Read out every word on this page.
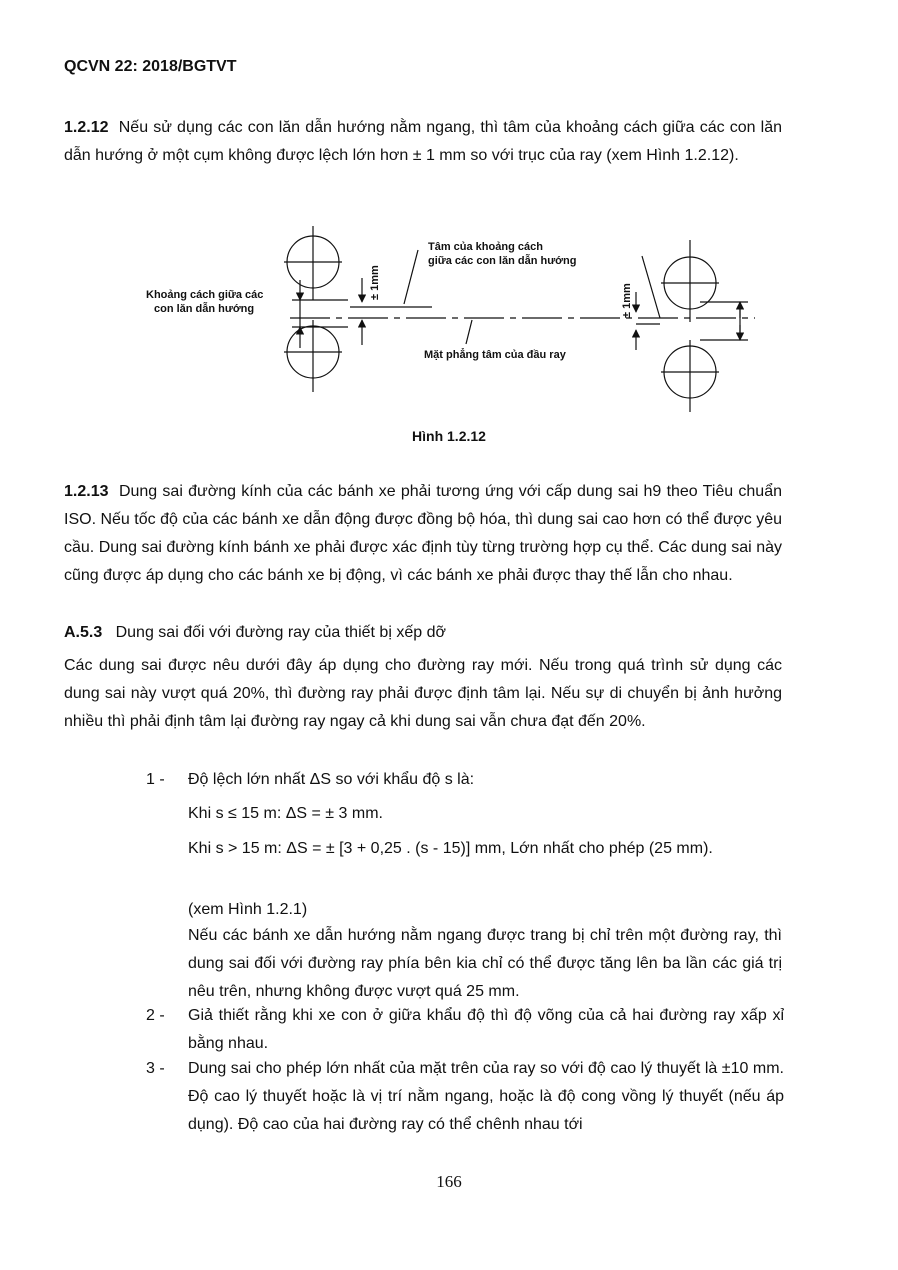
QCVN 22: 2018/BGTVT

1.2.12 Nếu sử dụng các con lăn dẫn hướng nằm ngang, thì tâm của khoảng cách giữa các con lăn dẫn hướng ở một cụm không được lệch lớn hơn ± 1 mm so với trục của ray (xem Hình 1.2.12).

Khoảng cách giữa các
con lăn dẫn hướng
Tâm của khoảng cách
giữa các con lăn dẫn hướng
Mặt phẳng tâm của đầu ray
± 1mm
± 1mm
Hình 1.2.12

1.2.13 Dung sai đường kính của các bánh xe phải tương ứng với cấp dung sai h9 theo Tiêu chuẩn ISO. Nếu tốc độ của các bánh xe dẫn động được đồng bộ hóa, thì dung sai cao hơn có thể được yêu cầu. Dung sai đường kính bánh xe phải được xác định tùy từng trường hợp cụ thể. Các dung sai này cũng được áp dụng cho các bánh xe bị động, vì các bánh xe phải được thay thế lẫn cho nhau.

A.5.3 Dung sai đối với đường ray của thiết bị xếp dỡ

Các dung sai được nêu dưới đây áp dụng cho đường ray mới. Nếu trong quá trình sử dụng các dung sai này vượt quá 20%, thì đường ray phải được định tâm lại. Nếu sự di chuyển bị ảnh hưởng nhiều thì phải định tâm lại đường ray ngay cả khi dung sai vẫn chưa đạt đến 20%.

1 - Độ lệch lớn nhất ΔS so với khẩu độ s là:
Khi s ≤ 15 m: ΔS = ± 3 mm.
Khi s > 15 m: ΔS = ± [3 + 0,25 . (s - 15)] mm, Lớn nhất cho phép (25 mm).
(xem Hình 1.2.1)
Nếu các bánh xe dẫn hướng nằm ngang được trang bị chỉ trên một đường ray, thì dung sai đối với đường ray phía bên kia chỉ có thể được tăng lên ba lần các giá trị nêu trên, nhưng không được vượt quá 25 mm.
2 - Giả thiết rằng khi xe con ở giữa khẩu độ thì độ võng của cả hai đường ray xấp xỉ bằng nhau.
3 - Dung sai cho phép lớn nhất của mặt trên của ray so với độ cao lý thuyết là ±10 mm. Độ cao lý thuyết hoặc là vị trí nằm ngang, hoặc là độ cong vồng lý thuyết (nếu áp dụng). Độ cao của hai đường ray có thể chênh nhau tới
166
